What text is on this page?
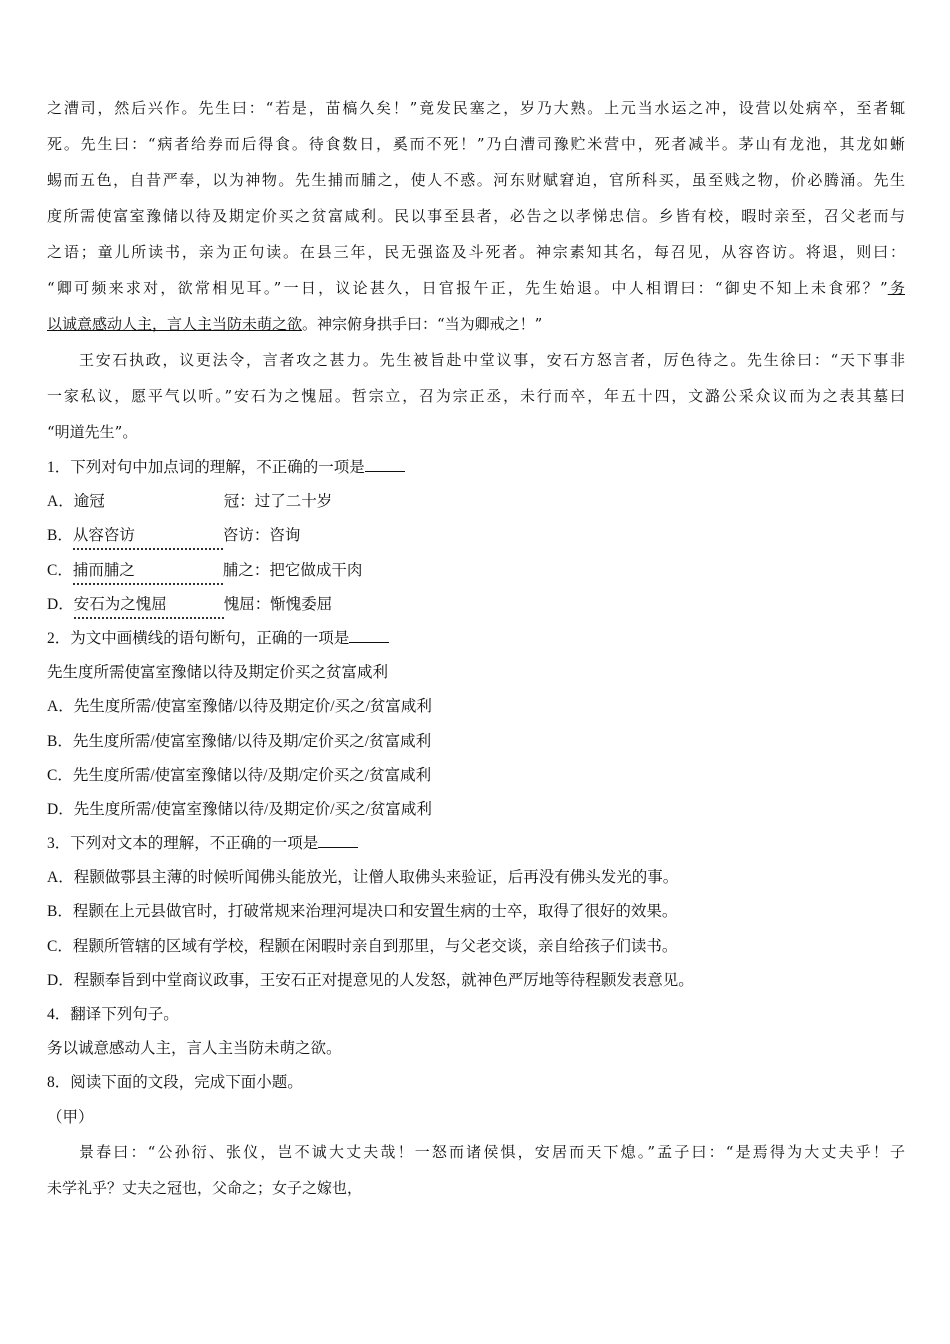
之漕司，然后兴作。先生曰：“若是，苗槁久矣！”竟发民塞之，岁乃大熟。上元当水运之冲，设营以处病卒，至者辄
死。先生曰：“病者给券而后得食。待食数日，奚而不死！”乃白漕司豫贮米营中，死者减半。茅山有龙池，其龙如蜥
蜴而五色，自昔严奉，以为神物。先生捕而脯之，使人不惑。河东财赋窘迫，官所科买，虽至贱之物，价必腾涌。先生
度所需使富室豫储以待及期定价买之贫富咸利。民以事至县者，必告之以孝悌忠信。乡皆有校，暇时亲至，召父老而与
之语；童儿所读书，亲为正句读。在县三年，民无强盗及斗死者。神宗素知其名，每召见，从容咨访。将退，则曰：
“卿可频来求对，欲常相见耳。”一日，议论甚久，日官报午正，先生始退。中人相谓曰：“御史不知上未食邪？”务
以诚意感动人主，言人主当防未萌之欲。神宗俯身拱手曰：“当为卿戒之！”
王安石执政，议更法令，言者攻之甚力。先生被旨赴中堂议事，安石方怒言者，厉色待之。先生徐曰：“天下事非
一家私议，愿平气以听。”安石为之愧屈。哲宗立，召为宗正丞，未行而卒，年五十四，文潞公采众议而为之表其墓曰
“明道先生”。
1．下列对句中加点词的理解，不正确的一项是
A．逾冠	冠：过了二十岁
B．从容咨访	咨访：咨询
C．捕而脯之	脯之：把它做成干肉
D．安石为之愧屈	愧屈：惭愧委屈
2．为文中画横线的语句断句，正确的一项是
先生度所需使富室豫储以待及期定价买之贫富咸利
A．先生度所需/使富室豫储/以待及期定价/买之/贫富咸利
B．先生度所需/使富室豫储/以待及期/定价买之/贫富咸利
C．先生度所需/使富室豫储以待/及期/定价买之/贫富咸利
D．先生度所需/使富室豫储以待/及期定价/买之/贫富咸利
3．下列对文本的理解，不正确的一项是
A．程颢做鄠县主薄的时候听闻佛头能放光，让僧人取佛头来验证，后再没有佛头发光的事。
B．程颢在上元县做官时，打破常规来治理河堤决口和安置生病的士卒，取得了很好的效果。
C．程颢所管辖的区域有学校，程颢在闲暇时亲自到那里，与父老交谈，亲自给孩子们读书。
D．程颢奉旨到中堂商议政事，王安石正对提意见的人发怒，就神色严厉地等待程颢发表意见。
4．翻译下列句子。
务以诚意感动人主，言人主当防未萌之欲。
8．阅读下面的文段，完成下面小题。
（甲）
景春曰：“公孙衍、张仪，岂不诚大丈夫哉！一怒而诸侯惧，安居而天下熄。”孟子曰：“是焉得为大丈夫乎！子
未学礼乎？丈夫之冠也，父命之；女子之嫁也，
